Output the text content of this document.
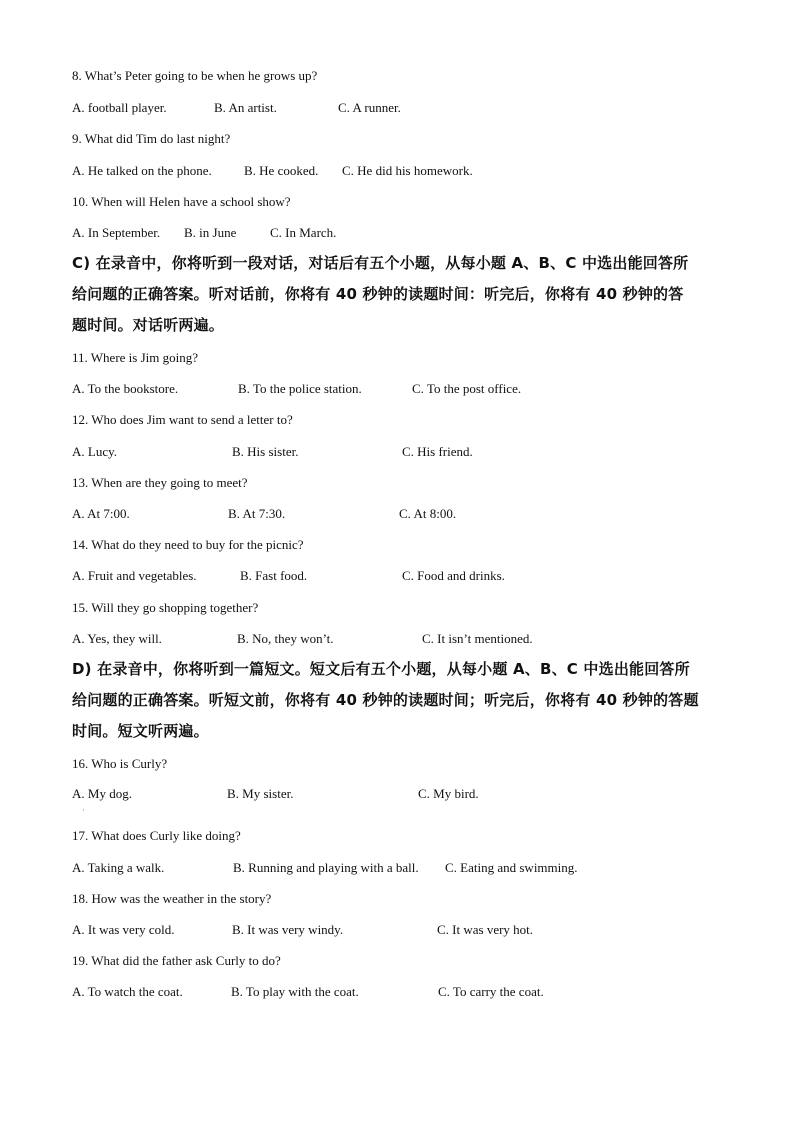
8. What’s Peter going to be when he grows up?
A. football player.	B. An artist.	C. A runner.
9. What did Tim do last night?
A. He talked on the phone. B. He cooked. C. He did his homework.
10. When will Helen have a school show?
A. In September. B. in June	C. In March.
C) 在录音中，你将听到一段对话，对话后有五个小题，从每小题 A、B、C 中选出能回答所
给问题的正确答案。听对话前，你将有 40 秒钟的读题时间：听完后，你将有 40 秒钟的答
题时间。对话听两遍。
11. Where is Jim going?
A. To the bookstore.	B. To the police station.	C. To the post office.
12. Who does Jim want to send a letter to?
A. Lucy.	B. His sister.	C. His friend.
13. When are they going to meet?
A. At 7:00.	B. At 7:30.	C. At 8:00.
14. What do they need to buy for the picnic?
A. Fruit and vegetables.	B. Fast food.	C. Food and drinks.
15. Will they go shopping together?
A. Yes, they will.	B. No, they won’t.	C. It isn’t mentioned.
D) 在录音中，你将听到一篇短文。短文后有五个小题，从每小题 A、B、C 中选出能回答所
给问题的正确答案。听短文前，你将有 40 秒钟的读题时间；听完后，你将有 40 秒钟的答题
时间。短文听两遍。
16. Who is Curly?
A. My dog.	B. My sister.	C. My bird.
·
17. What does Curly like doing?
A. Taking a walk.	B. Running and playing with a ball. C. Eating and swimming.
18. How was the weather in the story?
A. It was very cold.	B. It was very windy.	C. It was very hot.
19. What did the father ask Curly to do?
A. To watch the coat.	B. To play with the coat.	C. To carry the coat.
